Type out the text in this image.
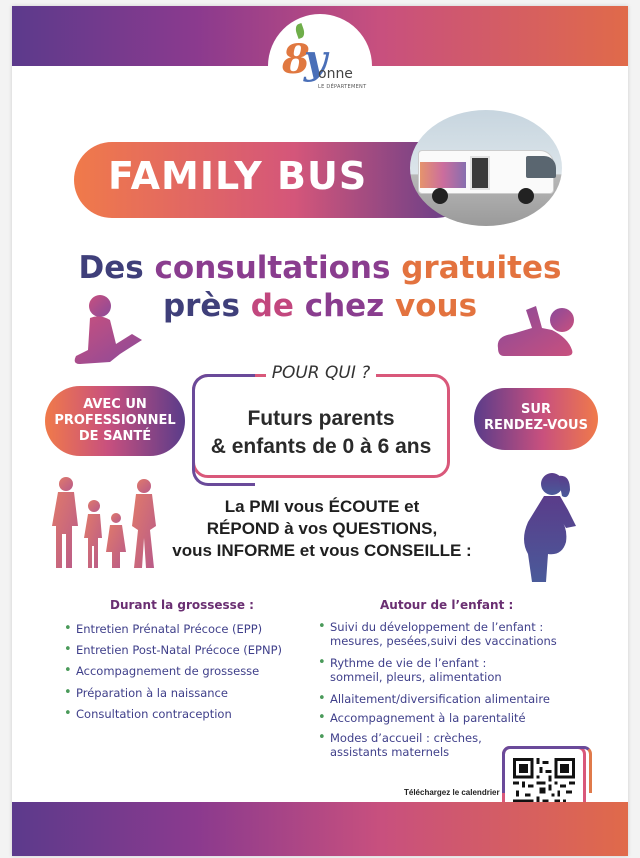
8y
onne
LE DÉPARTEMENT
FAMILY BUS
Des consultations gratuites
près de chez vous
AVEC UN
PROFESSIONNEL
DE SANTÉ
POUR QUI ?
Futurs parents
& enfants de 0 à 6 ans
SUR
RENDEZ-VOUS
La PMI vous ÉCOUTE et
RÉPOND à vos QUESTIONS,
vous INFORME et vous CONSEILLE :
Durant la grossesse :
• Entretien Prénatal Précoce (EPP)
• Entretien Post-Natal Précoce (EPNP)
• Accompagnement de grossesse
• Préparation à la naissance
• Consultation contraception
Autour de l’enfant :
• Suivi du développement de l’enfant :
mesures, pesées,suivi des vaccinations
• Rythme de vie de l’enfant :
sommeil, pleurs, alimentation
• Allaitement/diversification alimentaire
• Accompagnement à la parentalité
• Modes d’accueil : crèches,
assistants maternels
Téléchargez le calendrier
